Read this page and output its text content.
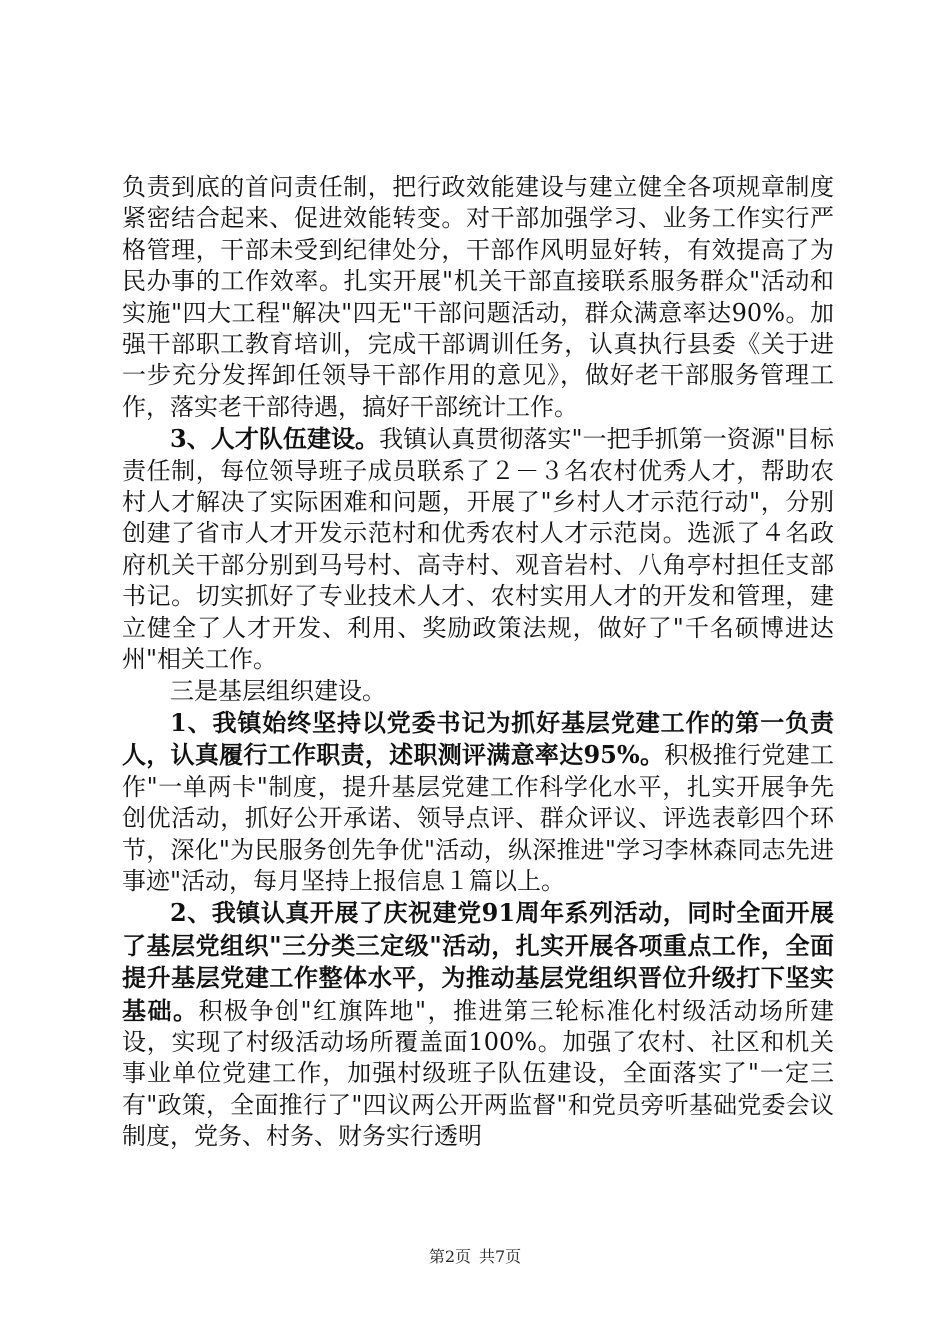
负责到底的首问责任制，把行政效能建设与建立健全各项规章制度紧密结合起来、促进效能转变。对干部加强学习、业务工作实行严格管理，干部未受到纪律处分，干部作风明显好转，有效提高了为民办事的工作效率。扎实开展"机关干部直接联系服务群众"活动和实施"四大工程"解决"四无"干部问题活动，群众满意率达90%。加强干部职工教育培训，完成干部调训任务，认真执行县委《关于进一步充分发挥卸任领导干部作用的意见》，做好老干部服务管理工作，落实老干部待遇，搞好干部统计工作。

3、人才队伍建设。我镇认真贯彻落实"一把手抓第一资源"目标责任制，每位领导班子成员联系了２－３名农村优秀人才，帮助农村人才解决了实际困难和问题，开展了"乡村人才示范行动"，分别创建了省市人才开发示范村和优秀农村人才示范岗。选派了４名政府机关干部分别到马号村、高寺村、观音岩村、八角亭村担任支部书记。切实抓好了专业技术人才、农村实用人才的开发和管理，建立健全了人才开发、利用、奖励政策法规，做好了"千名硕博进达州"相关工作。

三是基层组织建设。

1、我镇始终坚持以党委书记为抓好基层党建工作的第一负责人，认真履行工作职责，述职测评满意率达95%。积极推行党建工作"一单两卡"制度，提升基层党建工作科学化水平，扎实开展争先创优活动，抓好公开承诺、领导点评、群众评议、评选表彰四个环节，深化"为民服务创先争优"活动，纵深推进"学习李林森同志先进事迹"活动，每月坚持上报信息１篇以上。

2、我镇认真开展了庆祝建党91周年系列活动，同时全面开展了基层党组织"三分类三定级"活动，扎实开展各项重点工作，全面提升基层党建工作整体水平，为推动基层党组织晋位升级打下坚实基础。积极争创"红旗阵地"，推进第三轮标准化村级活动场所建设，实现了村级活动场所覆盖面100%。加强了农村、社区和机关事业单位党建工作，加强村级班子队伍建设，全面落实了"一定三有"政策，全面推行了"四议两公开两监督"和党员旁听基础党委会议制度，党务、村务、财务实行透明

第2页 共7页
